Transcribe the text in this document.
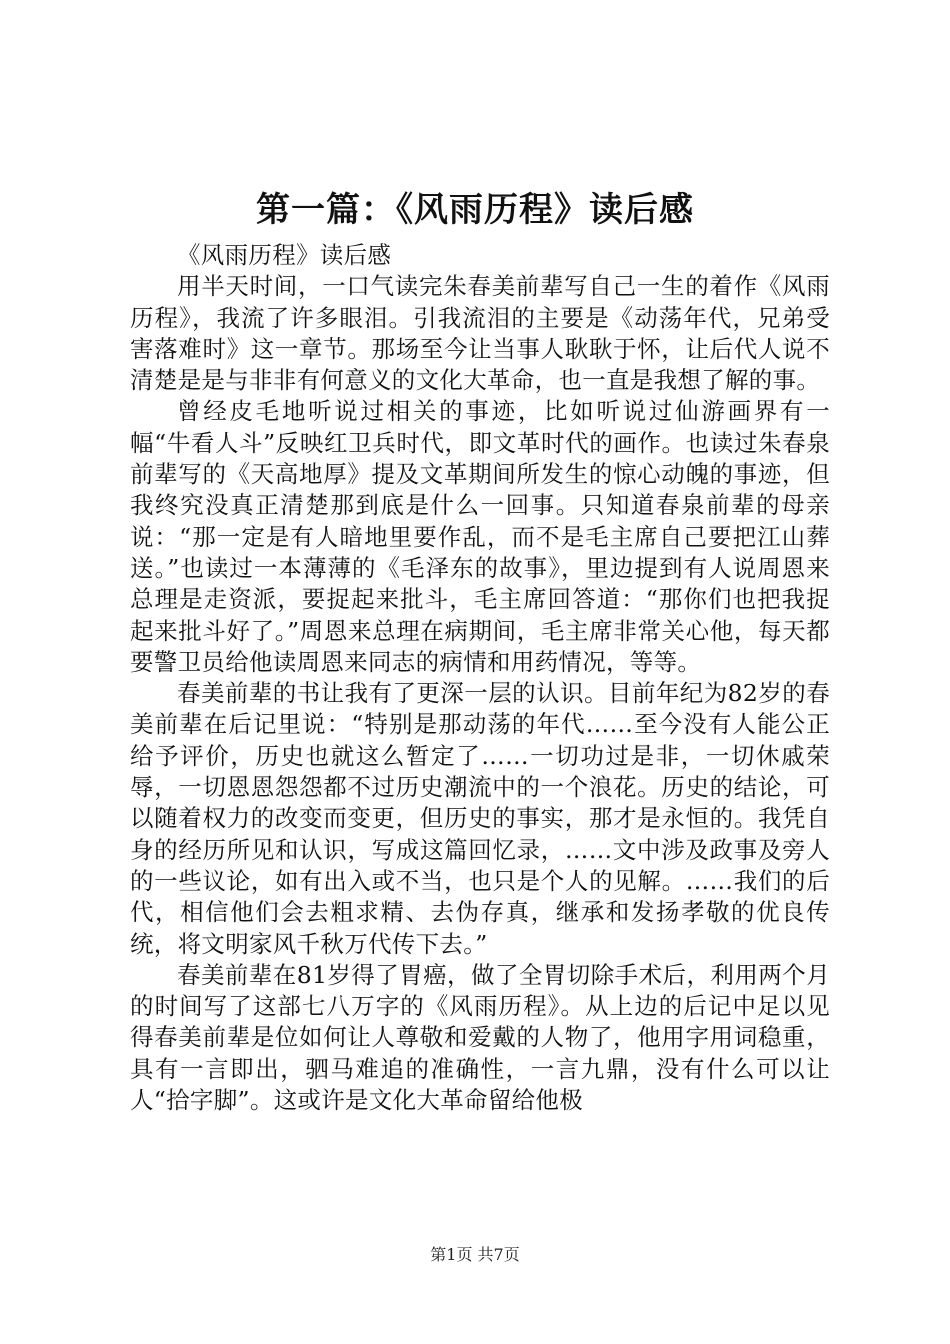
第一篇：《风雨历程》读后感

《风雨历程》读后感

用半天时间，一口气读完朱春美前辈写自己一生的着作《风雨历程》，我流了许多眼泪。引我流泪的主要是《动荡年代，兄弟受害落难时》这一章节。那场至今让当事人耿耿于怀，让后代人说不清楚是是与非非有何意义的文化大革命，也一直是我想了解的事。

曾经皮毛地听说过相关的事迹，比如听说过仙游画界有一幅“牛看人斗”反映红卫兵时代，即文革时代的画作。也读过朱春泉前辈写的《天高地厚》提及文革期间所发生的惊心动魄的事迹，但我终究没真正清楚那到底是什么一回事。只知道春泉前辈的母亲说：“那一定是有人暗地里要作乱，而不是毛主席自己要把江山葬送。”也读过一本薄薄的《毛泽东的故事》，里边提到有人说周恩来总理是走资派，要捉起来批斗，毛主席回答道：“那你们也把我捉起来批斗好了。”周恩来总理在病期间，毛主席非常关心他，每天都要警卫员给他读周恩来同志的病情和用药情况，等等。

春美前辈的书让我有了更深一层的认识。目前年纪为82岁的春美前辈在后记里说：“特别是那动荡的年代……至今没有人能公正给予评价，历史也就这么暂定了……一切功过是非，一切休戚荣辱，一切恩恩怨怨都不过历史潮流中的一个浪花。历史的结论，可以随着权力的改变而变更，但历史的事实，那才是永恒的。我凭自身的经历所见和认识，写成这篇回忆录，……文中涉及政事及旁人的一些议论，如有出入或不当，也只是个人的见解。……我们的后代，相信他们会去粗求精、去伪存真，继承和发扬孝敬的优良传统，将文明家风千秋万代传下去。”

春美前辈在81岁得了胃癌，做了全胃切除手术后，利用两个月的时间写了这部七八万字的《风雨历程》。从上边的后记中足以见得春美前辈是位如何让人尊敬和爱戴的人物了，他用字用词稳重，具有一言即出，驷马难追的准确性，一言九鼎，没有什么可以让人“拾字脚”。这或许是文化大革命留给他极

第1页 共7页
